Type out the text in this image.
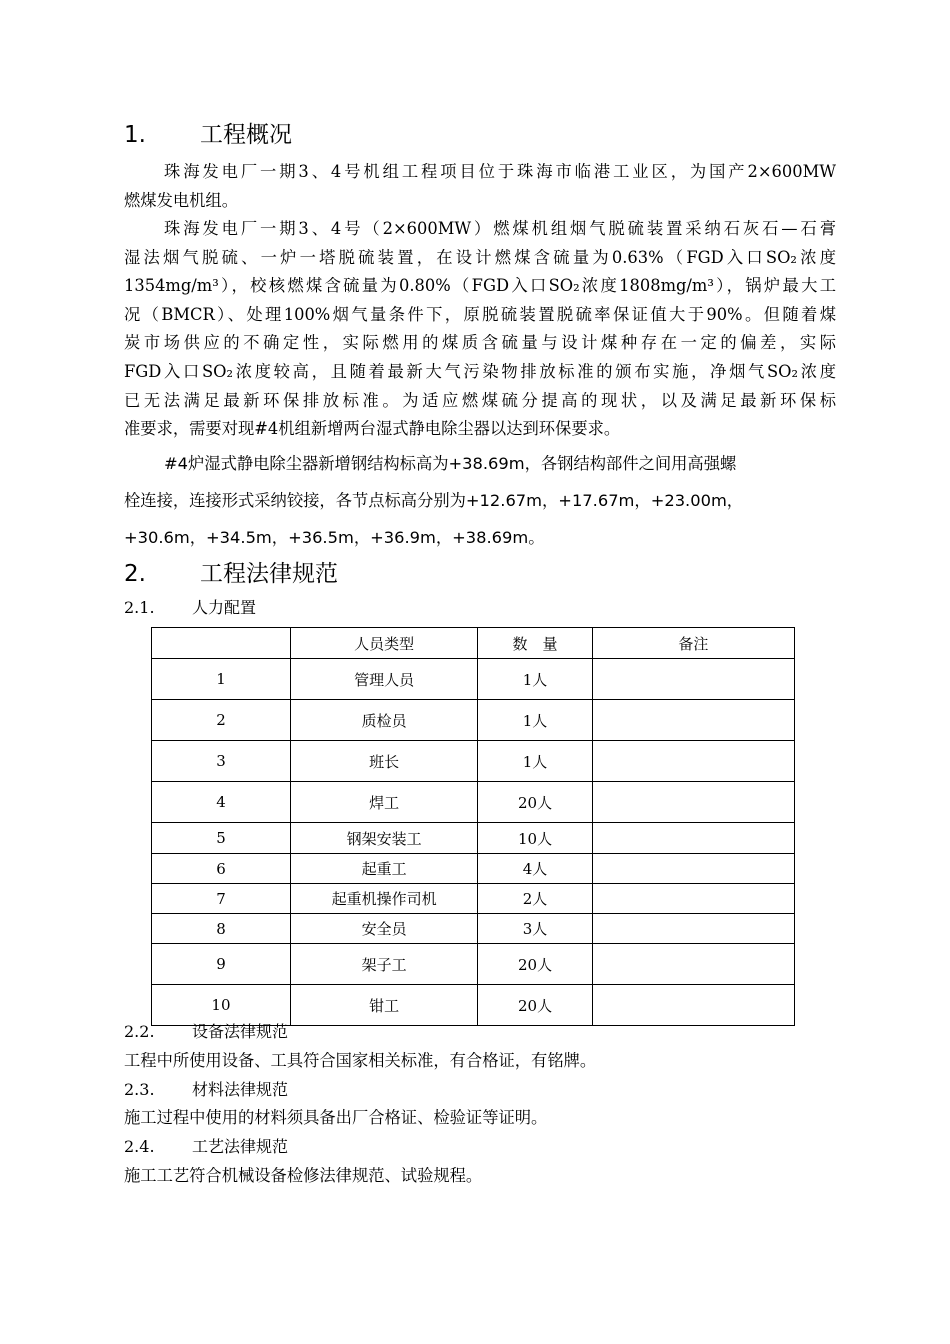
1. 工程概况
珠海发电厂一期3、4号机组工程项目位于珠海市临港工业区，为国产2×600MW
燃煤发电机组。
珠海发电厂一期3、4号（2×600MW）燃煤机组烟气脱硫装置采纳石灰石—石膏
湿法烟气脱硫、一炉一塔脱硫装置，在设计燃煤含硫量为0.63%（FGD入口SO₂浓度
1354mg/m³），校核燃煤含硫量为0.80%（FGD入口SO₂浓度1808mg/m³），锅炉最大工
况（BMCR）、处理100%烟气量条件下，原脱硫装置脱硫率保证值大于90%。但随着煤
炭市场供应的不确定性，实际燃用的煤质含硫量与设计煤种存在一定的偏差，实际
FGD入口SO₂浓度较高，且随着最新大气污染物排放标准的颁布实施，净烟气SO₂浓度
已无法满足最新环保排放标准。为适应燃煤硫分提高的现状，以及满足最新环保标
准要求，需要对现#4机组新增两台湿式静电除尘器以达到环保要求。
#4炉湿式静电除尘器新增钢结构标高为+38.69m，各钢结构部件之间用高强螺
栓连接，连接形式采纳铰接，各节点标高分别为+12.67m，+17.67m，+23.00m，
+30.6m，+34.5m，+36.5m，+36.9m，+38.69m。
2. 工程法律规范
2.1. 人力配置
	人员类型	数　量	备注
1	管理人员	1人	
2	质检员	1人	
3	班长	1人	
4	焊工	20人	
5	钢架安装工	10人	
6	起重工	4人	
7	起重机操作司机	2人	
8	安全员	3人	
9	架子工	20人	
10	钳工	20人	
2.2. 设备法律规范
工程中所使用设备、工具符合国家相关标准，有合格证，有铭牌。
2.3. 材料法律规范
施工过程中使用的材料须具备出厂合格证、检验证等证明。
2.4. 工艺法律规范
施工工艺符合机械设备检修法律规范、试验规程。
